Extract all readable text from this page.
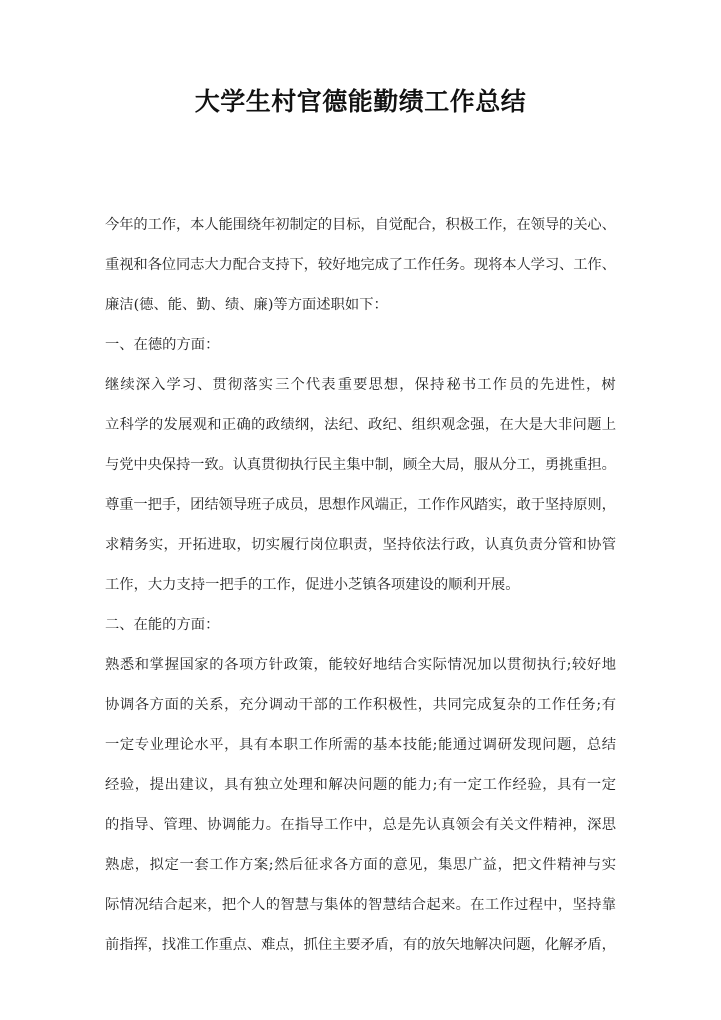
大学生村官德能勤绩工作总结
今 年 的 工 作 ， 本 人 能 围 绕 年 初 制 定 的 目 标 ， 自 觉 配 合 ， 积 极 工 作 ， 在 领 导 的 关 心 、
重 视 和 各 位 同 志 大 力 配 合 支 持 下 ， 较 好 地 完 成 了 工 作 任 务 。 现 将 本 人 学 习 、 工 作 、
廉洁(德、能、勤、绩、廉)等方面述职如下：
一、在德的方面：
继 续 深 入 学 习 、 贯 彻 落 实 三 个 代 表 重 要 思 想 ， 保 持 秘 书 工 作 员 的 先 进 性 ， 树
立 科 学 的 发 展 观 和 正 确 的 政 绩 纲 ， 法 纪 、 政 纪 、 组 织 观 念 强 ， 在 大 是 大 非 问 题 上
与 党 中 央 保 持 一 致 。 认 真 贯 彻 执 行 民 主 集 中 制 ， 顾 全 大 局 ， 服 从 分 工 ， 勇 挑 重 担 。
尊 重 一 把 手 ， 团 结 领 导 班 子 成 员 ， 思 想 作 风 端 正 ， 工 作 作 风 踏 实 ， 敢 于 坚 持 原 则 ，
求 精 务 实 ， 开 拓 进 取 ， 切 实 履 行 岗 位 职 责 ， 坚 持 依 法 行 政 ， 认 真 负 责 分 管 和 协 管
工作，大力支持一把手的工作，促进小芝镇各项建设的顺利开展。
二、在能的方面：
熟 悉 和 掌 握 国 家 的 各 项 方 针 政 策 ， 能 较 好 地 结 合 实 际 情 况 加 以 贯 彻 执 行 ; 较 好 地
协 调 各 方 面 的 关 系 ， 充 分 调 动 干 部 的 工 作 积 极 性 ， 共 同 完 成 复 杂 的 工 作 任 务 ; 有
一 定 专 业 理 论 水 平 ， 具 有 本 职 工 作 所 需 的 基 本 技 能 ; 能 通 过 调 研 发 现 问 题 ， 总 结
经 验 ， 提 出 建 议 ， 具 有 独 立 处 理 和 解 决 问 题 的 能 力 ; 有 一 定 工 作 经 验 ， 具 有 一 定
的 指 导 、 管 理 、 协 调 能 力 。 在 指 导 工 作 中 ， 总 是 先 认 真 领 会 有 关 文 件 精 神 ， 深 思
熟 虑 ， 拟 定 一 套 工 作 方 案 ; 然 后 征 求 各 方 面 的 意 见 ， 集 思 广 益 ， 把 文 件 精 神 与 实
际 情 况 结 合 起 来 ， 把 个 人 的 智 慧 与 集 体 的 智 慧 结 合 起 来 。 在 工 作 过 程 中 ， 坚 持 靠
前 指 挥 ， 找 准 工 作 重 点 、 难 点 ， 抓 住 主 要 矛 盾 ， 有 的 放 矢 地 解 决 问 题 ， 化 解 矛 盾 ，
